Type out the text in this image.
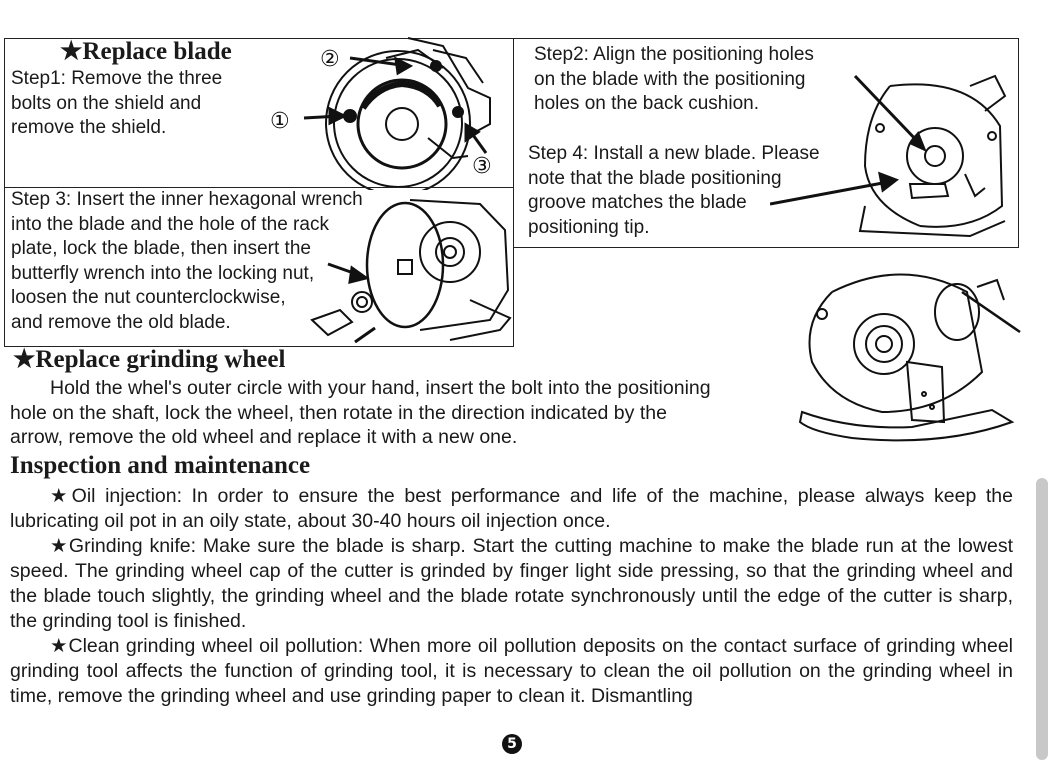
★Replace blade
Step1: Remove the three
bolts on the shield and
remove the shield.
②
①
③
Step2: Align the positioning holes
on the blade with the positioning
holes on the back cushion.
Step 4: Install a new blade. Please
note that the blade positioning
groove matches the blade
positioning tip.
Step 3: Insert the inner hexagonal wrench
into the blade and the hole of the rack
plate, lock the blade, then insert the
butterfly wrench into the locking nut,
loosen the nut counterclockwise,
and remove the old blade.
★Replace grinding wheel
Hold the whel's outer circle with your hand, insert the bolt into the positioning
hole on the shaft, lock the wheel, then rotate in the direction indicated by the
arrow, remove the old wheel and replace it with a new one.
Inspection and maintenance

★Oil injection: In order to ensure the best performance and life of the machine, please always keep the lubricating oil pot in an oily state, about 30-40 hours oil injection once.

★Grinding knife: Make sure the blade is sharp. Start the cutting machine to make the blade run at the lowest speed. The grinding wheel cap of the cutter is grinded by finger light side pressing, so that the grinding wheel and the blade touch slightly, the grinding wheel and the blade rotate synchronously until the edge of the cutter is sharp, the grinding tool is finished.

★Clean grinding wheel oil pollution: When more oil pollution deposits on the contact surface of grinding wheel grinding tool affects the function of grinding tool, it is necessary to clean the oil pollution on the grinding wheel in time, remove the grinding wheel and use grinding paper to clean it. Dismantling

5
